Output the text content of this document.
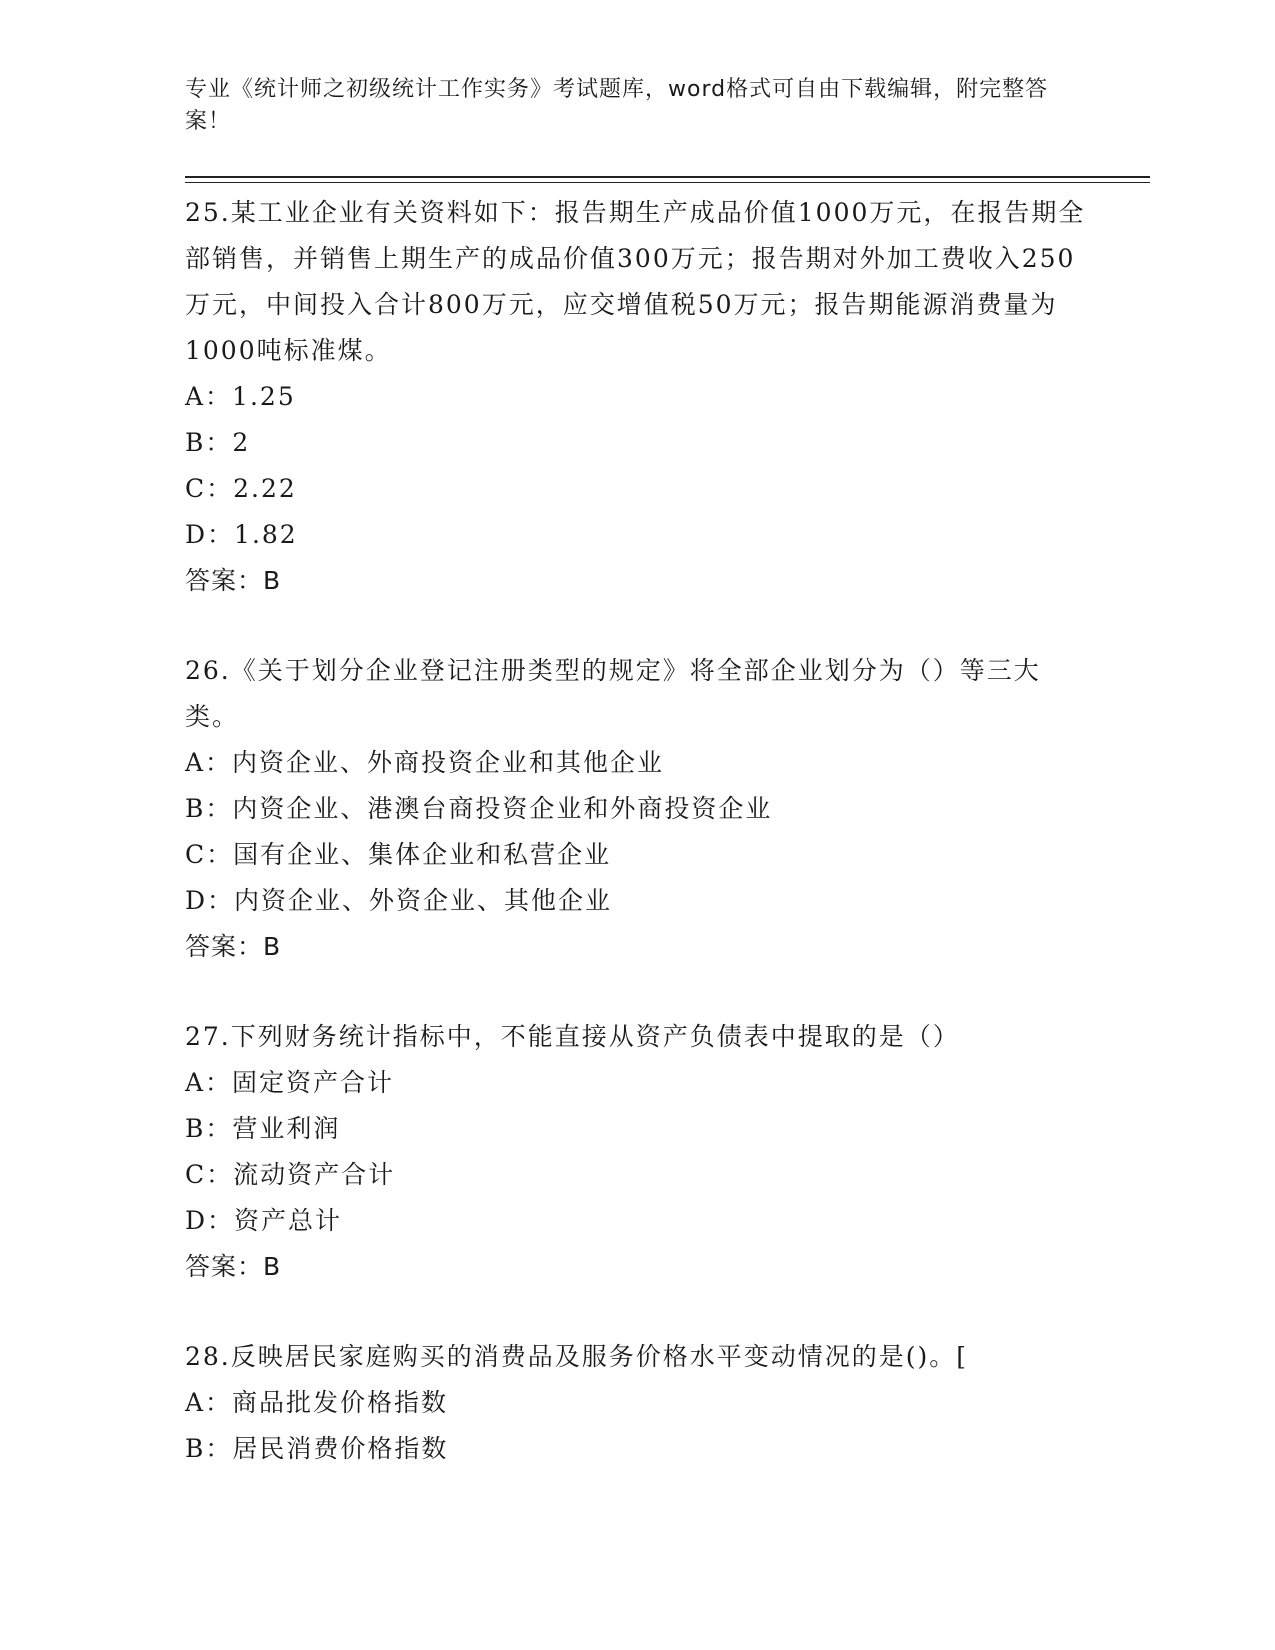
专业《统计师之初级统计工作实务》考试题库，word格式可自由下载编辑，附完整答案！

25.某工业企业有关资料如下：报告期生产成品价值1000万元，在报告期全部销售，并销售上期生产的成品价值300万元；报告期对外加工费收入250万元，中间投入合计800万元，应交增值税50万元；报告期能源消费量为1000吨标准煤。

A：1.25

B：2

C：2.22

D：1.82

答案：B

26.《关于划分企业登记注册类型的规定》将全部企业划分为（）等三大类。

A：内资企业、外商投资企业和其他企业

B：内资企业、港澳台商投资企业和外商投资企业

C：国有企业、集体企业和私营企业

D：内资企业、外资企业、其他企业

答案：B

27.下列财务统计指标中，不能直接从资产负债表中提取的是（）

A：固定资产合计

B：营业利润

C：流动资产合计

D：资产总计

答案：B

28.反映居民家庭购买的消费品及服务价格水平变动情况的是()。[

A：商品批发价格指数

B：居民消费价格指数
